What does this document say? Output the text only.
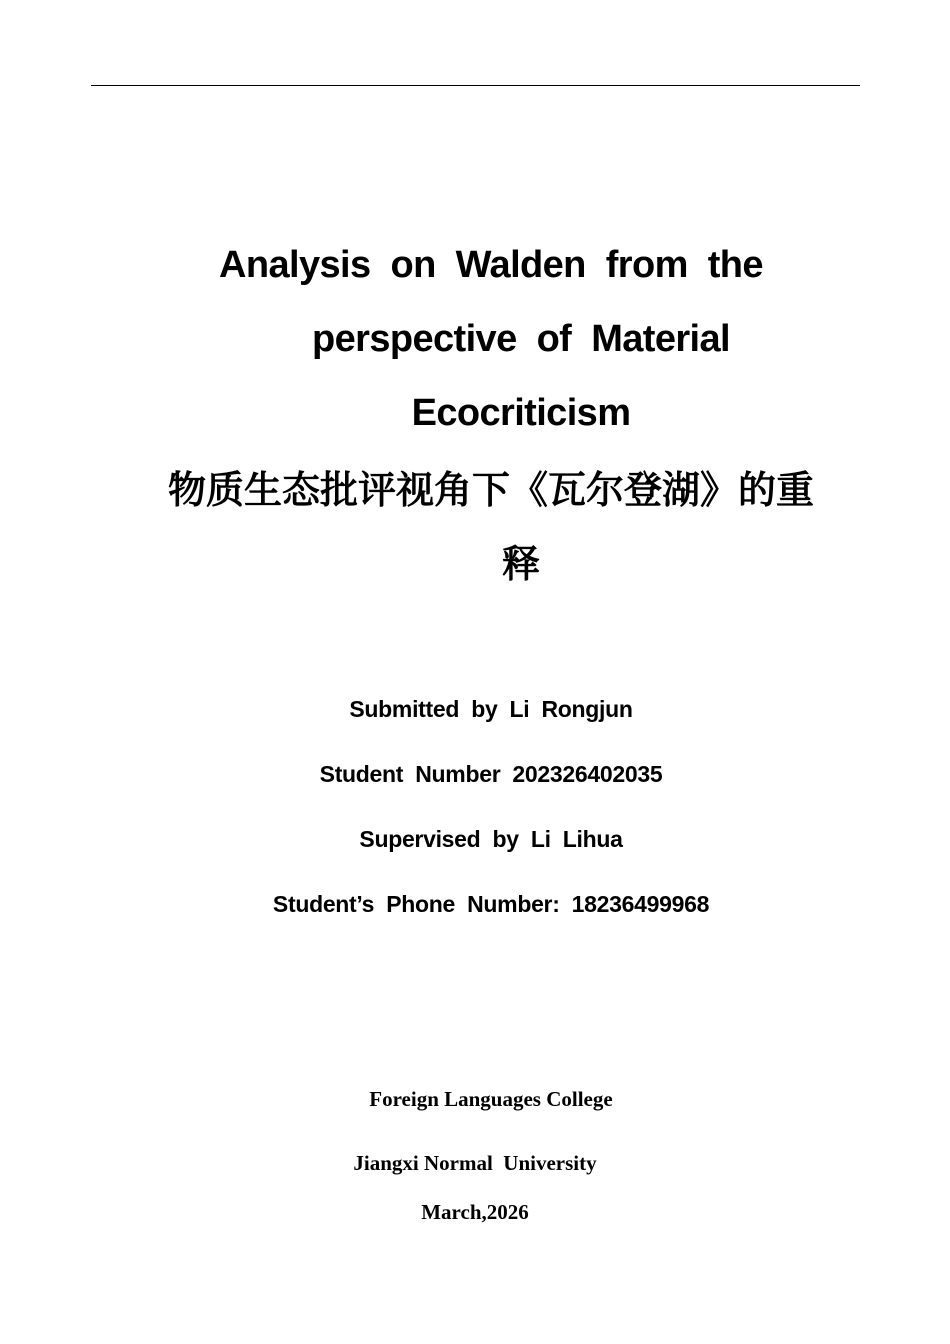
Analysis on Walden from the
perspective of Material
Ecocriticism
物质生态批评视角下《瓦尔登湖》的重
释
Submitted by Li Rongjun
Student Number 202326402035
Supervised by Li Lihua
Student’s Phone Number: 18236499968
Foreign Languages College
Jiangxi Normal  University
March,2026
